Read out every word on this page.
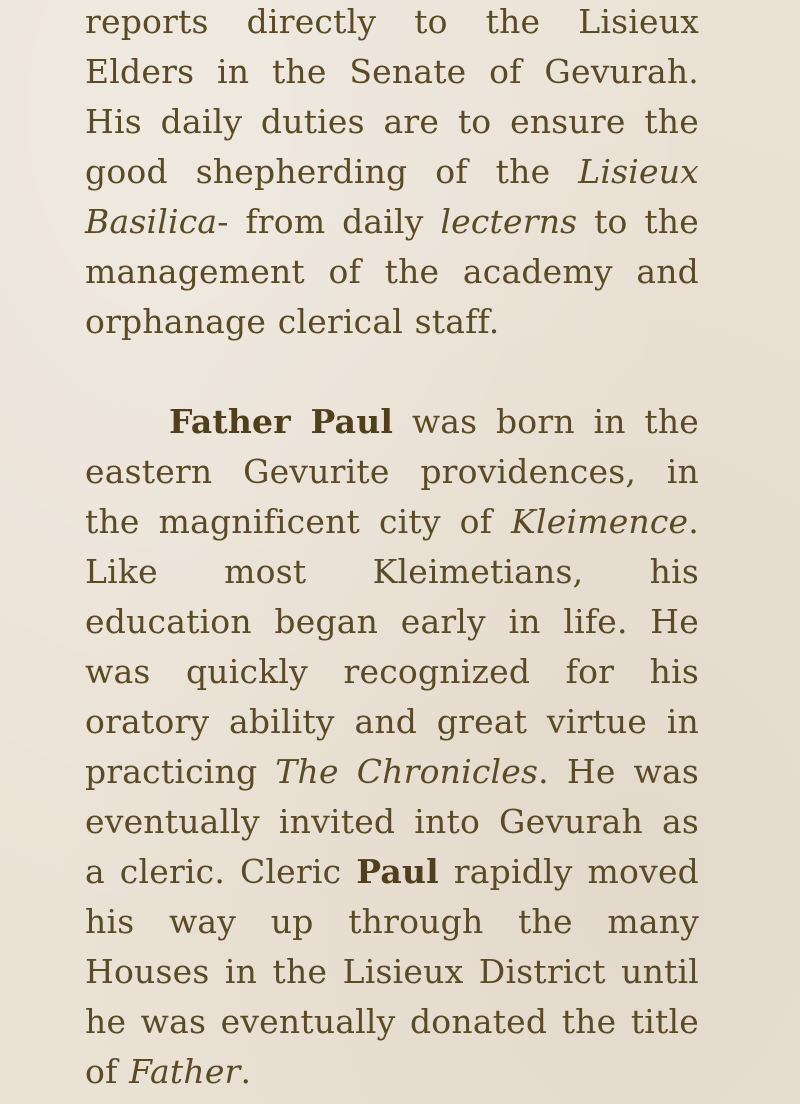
reports directly to the Lisieux Elders in the Senate of Gevurah. His daily duties are to ensure the good shepherding of the Lisieux Basilica- from daily lecterns to the management of the academy and orphanage clerical staff.

Father Paul was born in the eastern Gevurite providences, in the magnificent city of Kleimence. Like most Kleimetians, his education began early in life. He was quickly recognized for his oratory ability and great virtue in practicing The Chronicles. He was eventually invited into Gevurah as a cleric. Cleric Paul rapidly moved his way up through the many Houses in the Lisieux District until he was eventually donated the title of Father.
